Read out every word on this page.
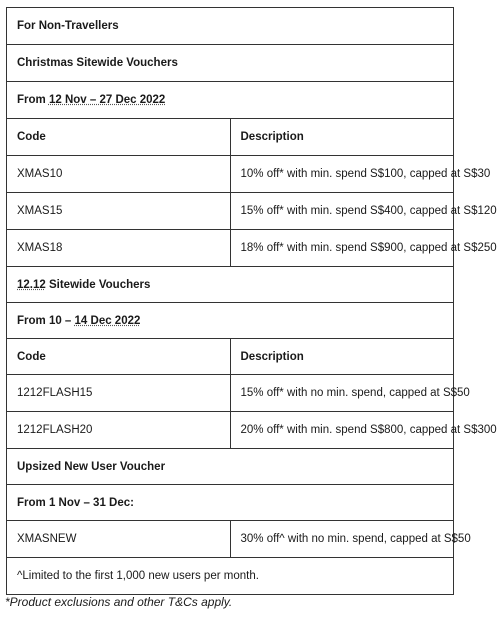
For Non-Travellers	
Christmas Sitewide Vouchers	
From 12 Nov – 27 Dec 2022	
Code	Description
XMAS10	10% off* with min. spend S$100, capped at S$30
XMAS15	15% off* with min. spend S$400, capped at S$120
XMAS18	18% off* with min. spend S$900, capped at S$250
12.12 Sitewide Vouchers	
From 10 – 14 Dec 2022	
Code	Description
1212FLASH15	15% off* with no min. spend, capped at S$50
1212FLASH20	20% off* with min. spend S$800, capped at S$300
Upsized New User Voucher	
From 1 Nov – 31 Dec:	
XMASNEW	30% off^ with no min. spend, capped at S$50
^Limited to the first 1,000 new users per month.	
*Product exclusions and other T&Cs apply.
